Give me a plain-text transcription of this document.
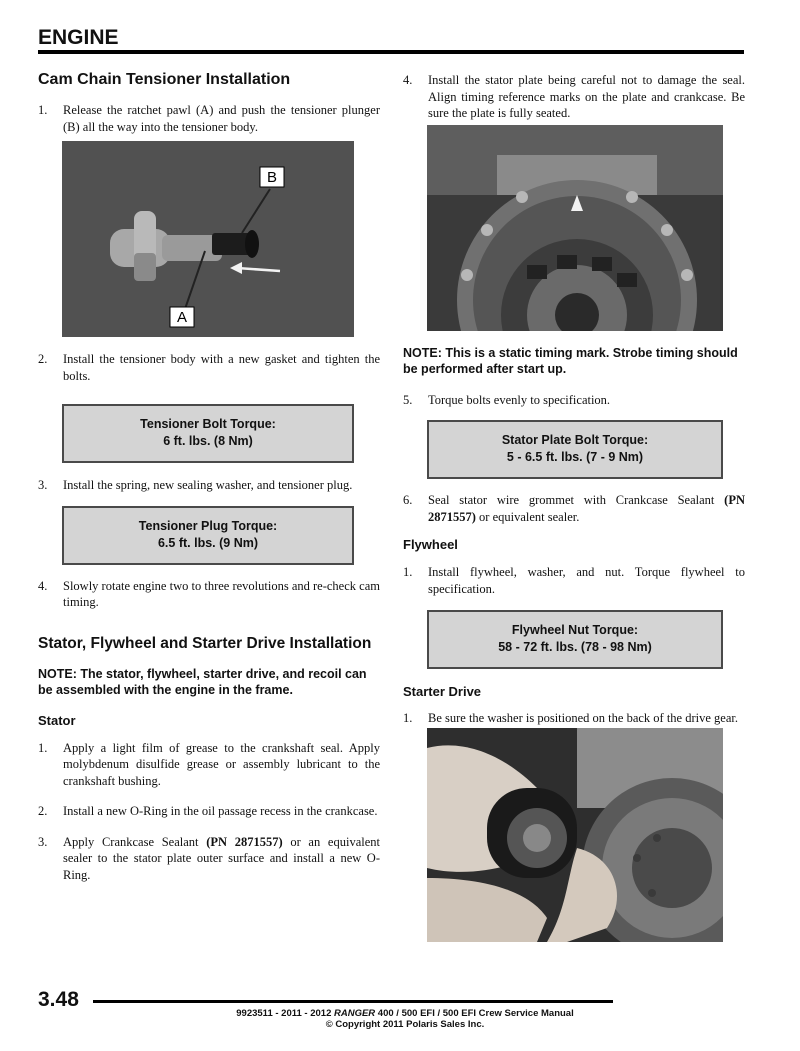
ENGINE
Cam Chain Tensioner Installation
1. Release the ratchet pawl (A) and push the tensioner plunger (B) all the way into the tensioner body.
B
A
2. Install the tensioner body with a new gasket and tighten the bolts.
Tensioner Bolt Torque:
6 ft. lbs. (8 Nm)
3. Install the spring, new sealing washer, and tensioner plug.
Tensioner Plug Torque:
6.5 ft. lbs. (9 Nm)
4. Slowly rotate engine two to three revolutions and re-check cam timing.
Stator, Flywheel and Starter Drive Installation
NOTE: The stator, flywheel, starter drive, and recoil can be assembled with the engine in the frame.
Stator
1. Apply a light film of grease to the crankshaft seal. Apply molybdenum disulfide grease or assembly lubricant to the crankshaft bushing.
2. Install a new O-Ring in the oil passage recess in the crankcase.
3. Apply Crankcase Sealant (PN 2871557) or an equivalent sealer to the stator plate outer surface and install a new O-Ring.
4. Install the stator plate being careful not to damage the seal. Align timing reference marks on the plate and crankcase. Be sure the plate is fully seated.
NOTE: This is a static timing mark. Strobe timing should be performed after start up.
5. Torque bolts evenly to specification.
Stator Plate Bolt Torque:
5 - 6.5 ft. lbs. (7 - 9 Nm)
6. Seal stator wire grommet with Crankcase Sealant (PN 2871557) or equivalent sealer.
Flywheel
1. Install flywheel, washer, and nut. Torque flywheel to specification.
Flywheel Nut Torque:
58 - 72 ft. lbs. (78 - 98 Nm)
Starter Drive
1. Be sure the washer is positioned on the back of the drive gear.
3.48
9923511 - 2011 - 2012 RANGER 400 / 500 EFI / 500 EFI Crew Service Manual
© Copyright 2011 Polaris Sales Inc.
